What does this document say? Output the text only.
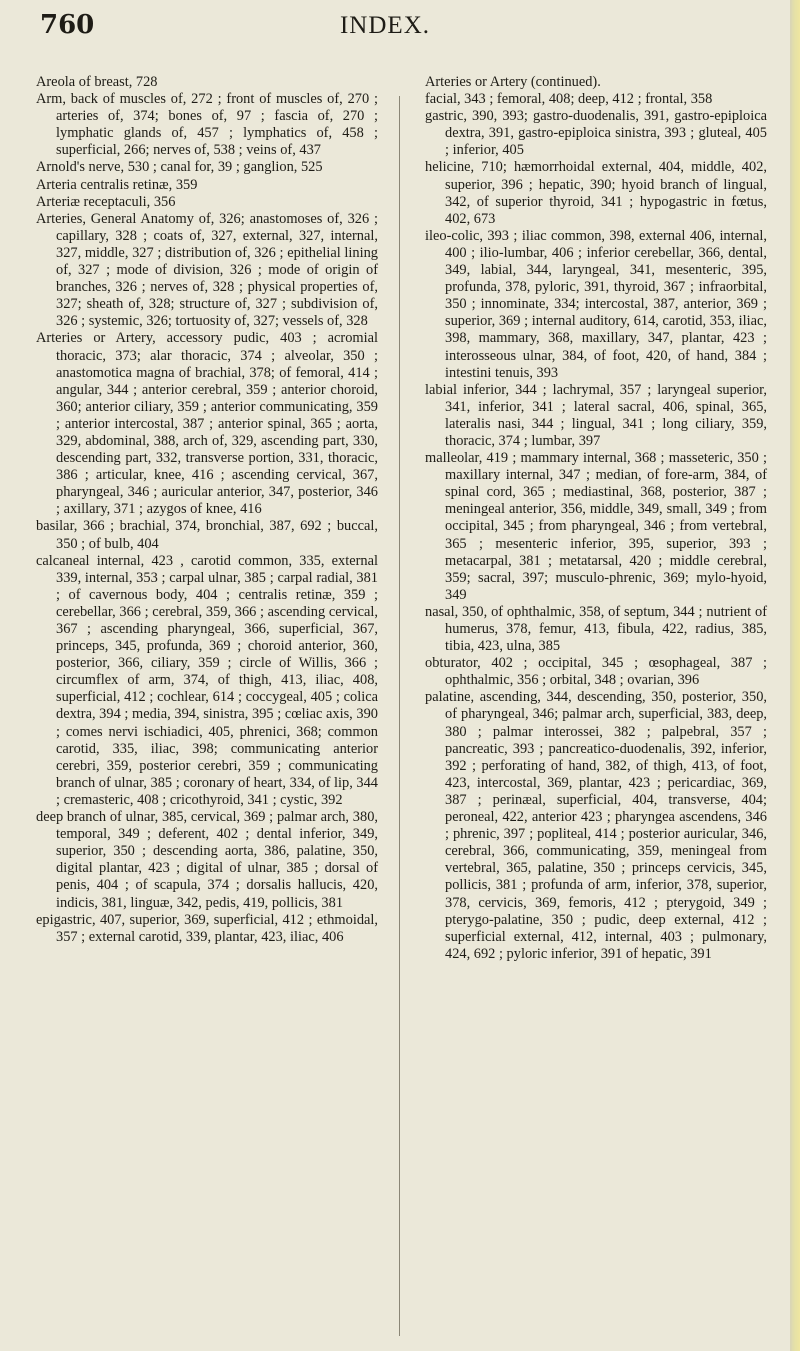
760	INDEX.

Areola of breast, 728

Arm, back of muscles of, 272 ; front of muscles of, 270 ; arteries of, 374; bones of, 97 ; fascia of, 270 ; lymphatic glands of, 457 ; lymphatics of, 458 ; superficial, 266; nerves of, 538 ; veins of, 437

Arnold's nerve, 530 ; canal for, 39 ; ganglion, 525

Arteria centralis retinæ, 359

Arteriæ receptaculi, 356

Arteries, General Anatomy of, 326; anastomoses of, 326 ; capillary, 328 ; coats of, 327, external, 327, internal, 327, middle, 327 ; distribution of, 326 ; epithelial lining of, 327 ; mode of division, 326 ; mode of origin of branches, 326 ; nerves of, 328 ; physical properties of, 327; sheath of, 328; structure of, 327 ; subdivision of, 326 ; systemic, 326; tortuosity of, 327; vessels of, 328

Arteries or Artery, accessory pudic, 403 ; acromial thoracic, 373; alar thoracic, 374 ; alveolar, 350 ; anastomotica magna of brachial, 378; of femoral, 414 ; angular, 344 ; anterior cerebral, 359 ; anterior choroid, 360; anterior ciliary, 359 ; anterior communicating, 359 ; anterior intercostal, 387 ; anterior spinal, 365 ; aorta, 329, abdominal, 388, arch of, 329, ascending part, 330, descending part, 332, transverse portion, 331, thoracic, 386 ; articular, knee, 416 ; ascending cervical, 367, pharyngeal, 346 ; auricular anterior, 347, posterior, 346 ; axillary, 371 ; azygos of knee, 416

basilar, 366 ; brachial, 374, bronchial, 387, 692 ; buccal, 350 ; of bulb, 404

calcaneal internal, 423 , carotid common, 335, external 339, internal, 353 ; carpal ulnar, 385 ; carpal radial, 381 ; of cavernous body, 404 ; centralis retinæ, 359 ; cerebellar, 366 ; cerebral, 359, 366 ; ascending cervical, 367 ; ascending pharyngeal, 366, superficial, 367, princeps, 345, profunda, 369 ; choroid anterior, 360, posterior, 366, ciliary, 359 ; circle of Willis, 366 ; circumflex of arm, 374, of thigh, 413, iliac, 408, superficial, 412 ; cochlear, 614 ; coccygeal, 405 ; colica dextra, 394 ; media, 394, sinistra, 395 ; cœliac axis, 390 ; comes nervi ischiadici, 405, phrenici, 368; common carotid, 335, iliac, 398; communicating anterior cerebri, 359, posterior cerebri, 359 ; communicating branch of ulnar, 385 ; coronary of heart, 334, of lip, 344 ; cremasteric, 408 ; cricothyroid, 341 ; cystic, 392

deep branch of ulnar, 385, cervical, 369 ; palmar arch, 380, temporal, 349 ; deferent, 402 ; dental inferior, 349, superior, 350 ; descending aorta, 386, palatine, 350, digital plantar, 423 ; digital of ulnar, 385 ; dorsal of penis, 404 ; of scapula, 374 ; dorsalis hallucis, 420, indicis, 381, linguæ, 342, pedis, 419, pollicis, 381

epigastric, 407, superior, 369, superficial, 412 ; ethmoidal, 357 ; external carotid, 339, plantar, 423, iliac, 406

Arteries or Artery (continued).

facial, 343 ; femoral, 408; deep, 412 ; frontal, 358

gastric, 390, 393; gastro-duodenalis, 391, gastro-epiploica dextra, 391, gastro-epiploica sinistra, 393 ; gluteal, 405 ; inferior, 405

helicine, 710; hæmorrhoidal external, 404, middle, 402, superior, 396 ; hepatic, 390; hyoid branch of lingual, 342, of superior thyroid, 341 ; hypogastric in fœtus, 402, 673

ileo-colic, 393 ; iliac common, 398, external 406, internal, 400 ; ilio-lumbar, 406 ; inferior cerebellar, 366, dental, 349, labial, 344, laryngeal, 341, mesenteric, 395, profunda, 378, pyloric, 391, thyroid, 367 ; infraorbital, 350 ; innominate, 334; intercostal, 387, anterior, 369 ; superior, 369 ; internal auditory, 614, carotid, 353, iliac, 398, mammary, 368, maxillary, 347, plantar, 423 ; interosseous ulnar, 384, of foot, 420, of hand, 384 ; intestini tenuis, 393

labial inferior, 344 ; lachrymal, 357 ; laryngeal superior, 341, inferior, 341 ; lateral sacral, 406, spinal, 365, lateralis nasi, 344 ; lingual, 341 ; long ciliary, 359, thoracic, 374 ; lumbar, 397

malleolar, 419 ; mammary internal, 368 ; masseteric, 350 ; maxillary internal, 347 ; median, of fore-arm, 384, of spinal cord, 365 ; mediastinal, 368, posterior, 387 ; meningeal anterior, 356, middle, 349, small, 349 ; from occipital, 345 ; from pharyngeal, 346 ; from vertebral, 365 ; mesenteric inferior, 395, superior, 393 ; metacarpal, 381 ; metatarsal, 420 ; middle cerebral, 359; sacral, 397; musculo-phrenic, 369; mylo-hyoid, 349

nasal, 350, of ophthalmic, 358, of septum, 344 ; nutrient of humerus, 378, femur, 413, fibula, 422, radius, 385, tibia, 423, ulna, 385

obturator, 402 ; occipital, 345 ; œsophageal, 387 ; ophthalmic, 356 ; orbital, 348 ; ovarian, 396

palatine, ascending, 344, descending, 350, posterior, 350, of pharyngeal, 346; palmar arch, superficial, 383, deep, 380 ; palmar interossei, 382 ; palpebral, 357 ; pancreatic, 393 ; pancreatico-duodenalis, 392, inferior, 392 ; perforating of hand, 382, of thigh, 413, of foot, 423, intercostal, 369, plantar, 423 ; pericardiac, 369, 387 ; perinæal, superficial, 404, transverse, 404; peroneal, 422, anterior 423 ; pharyngea ascendens, 346 ; phrenic, 397 ; popliteal, 414 ; posterior auricular, 346, cerebral, 366, communicating, 359, meningeal from vertebral, 365, palatine, 350 ; princeps cervicis, 345, pollicis, 381 ; profunda of arm, inferior, 378, superior, 378, cervicis, 369, femoris, 412 ; pterygoid, 349 ; pterygo-palatine, 350 ; pudic, deep external, 412 ; superficial external, 412, internal, 403 ; pulmonary, 424, 692 ; pyloric inferior, 391 of hepatic, 391
